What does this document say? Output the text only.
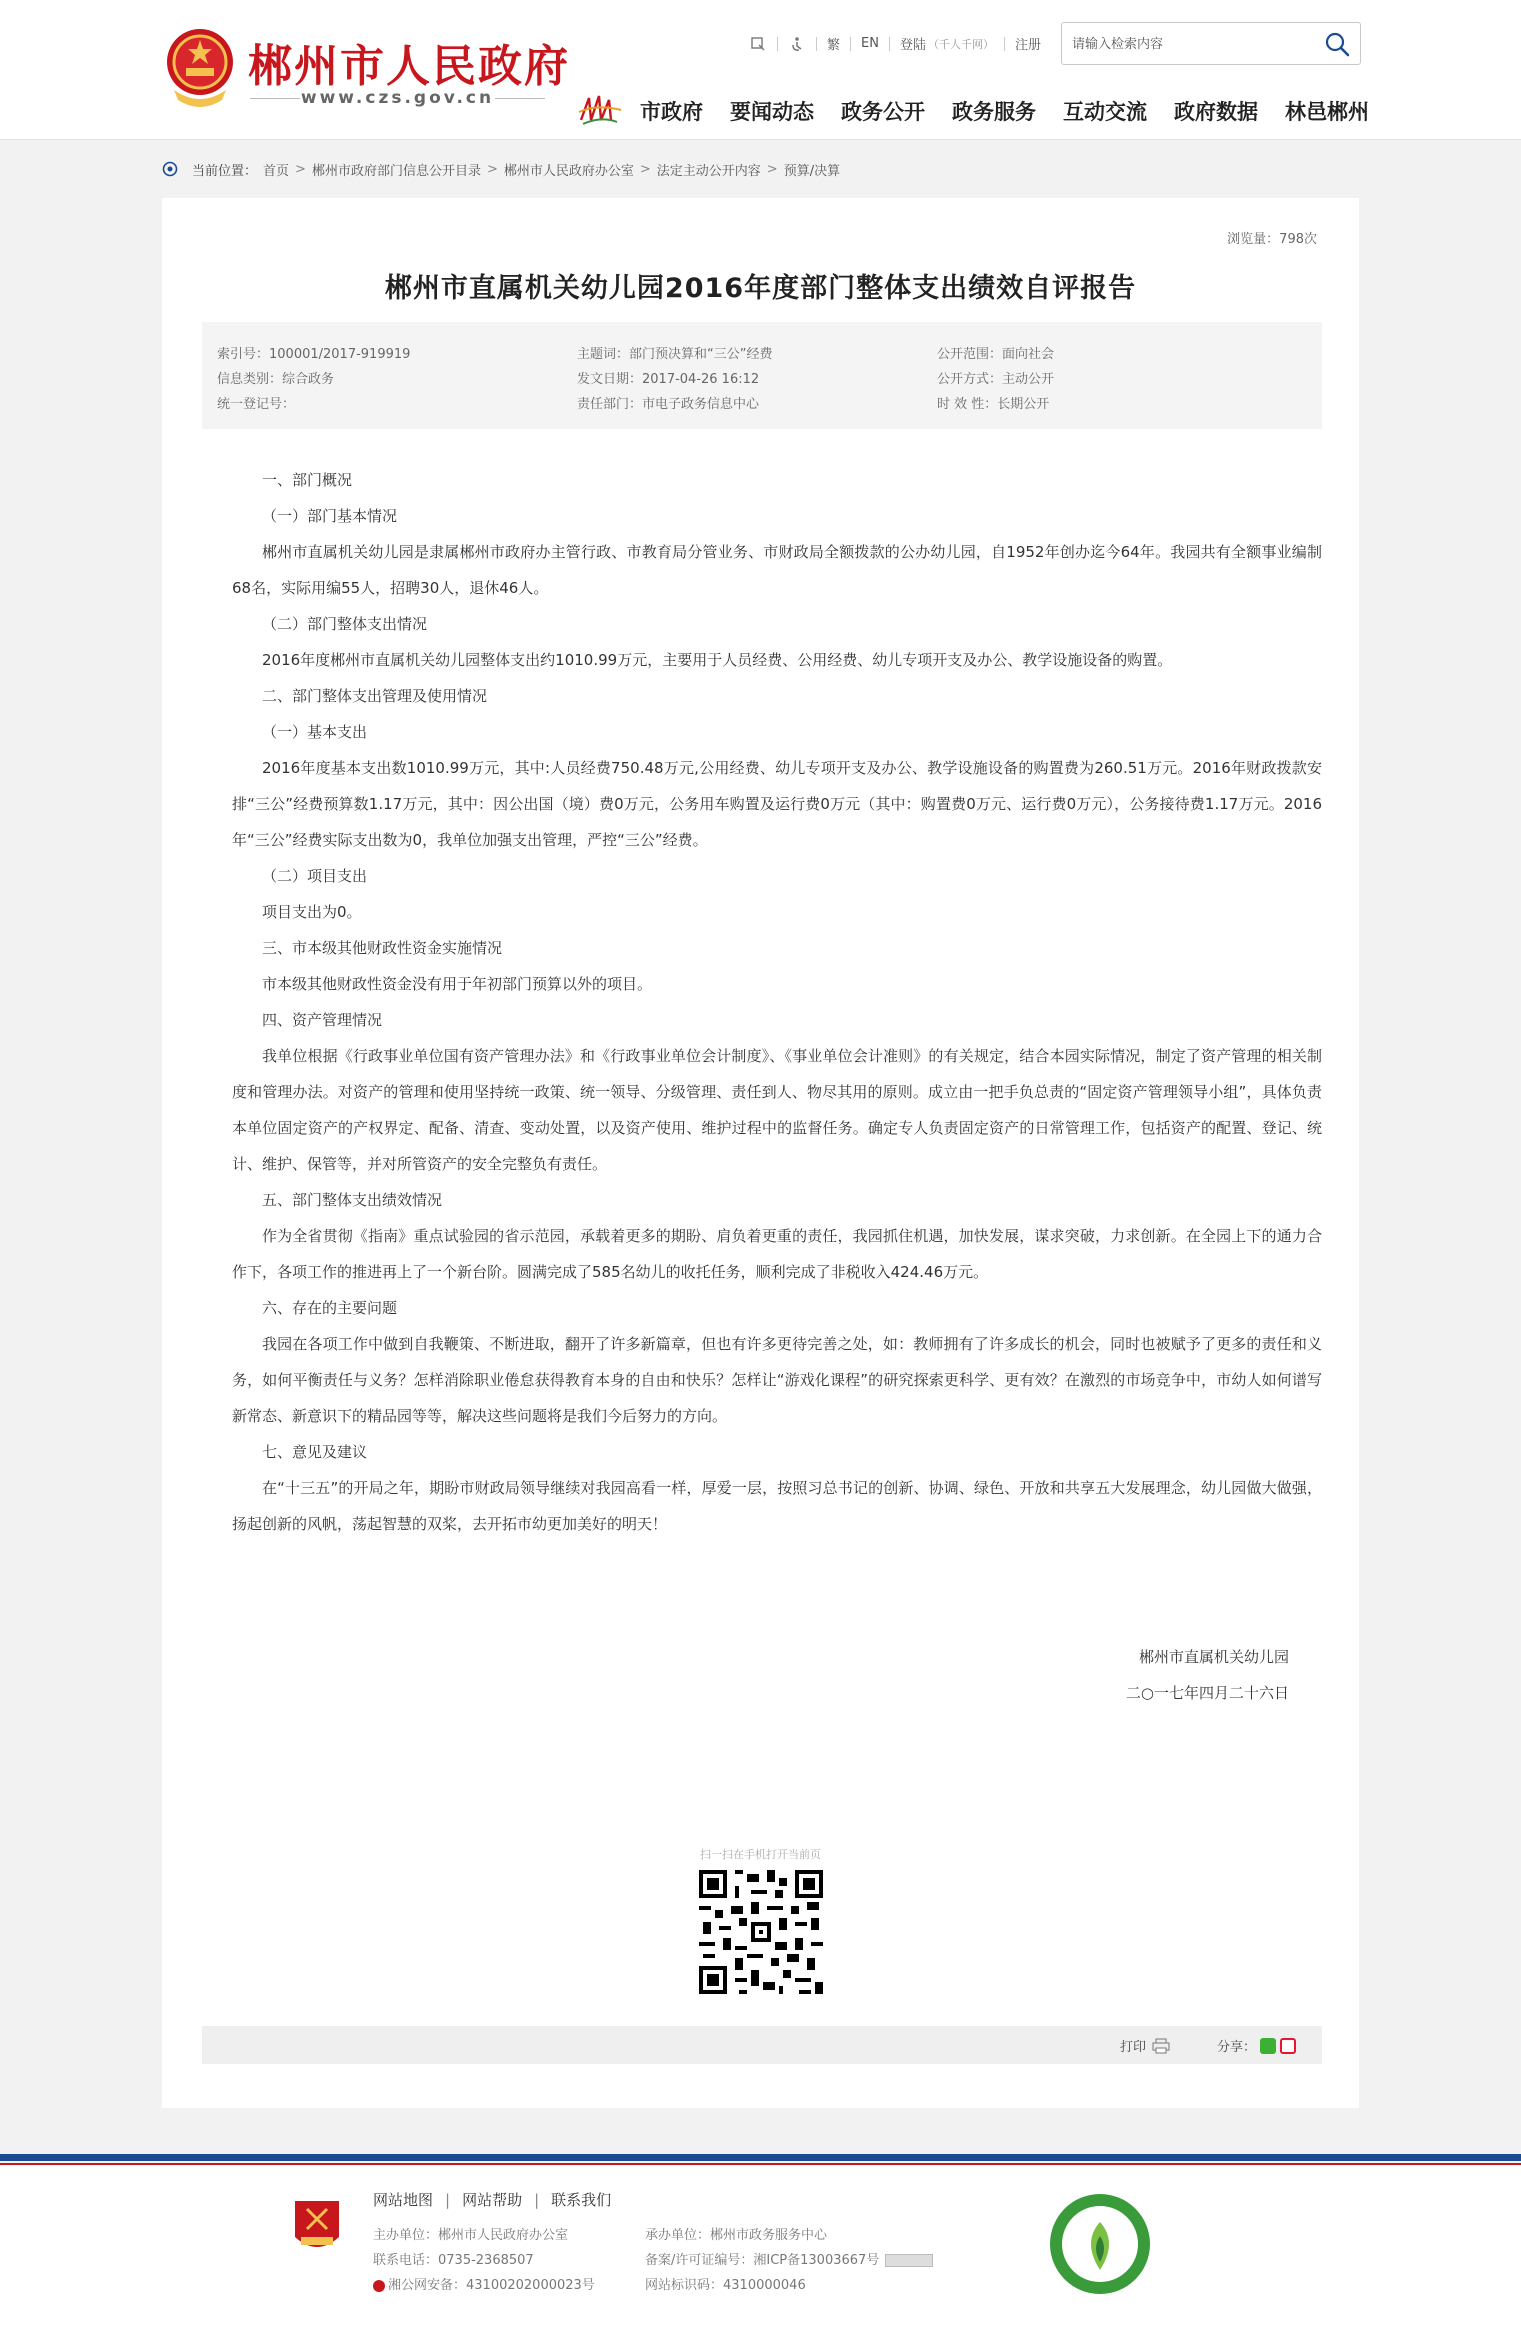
郴州市人民政府
www.czs.gov.cn
繁 EN 登陆 （千人千网） 注册
请输入检索内容
市政府 要闻动态 政务公开 政务服务 互动交流 政府数据 林邑郴州
当前位置： 首页 > 郴州市政府部门信息公开目录 > 郴州市人民政府办公室 > 法定主动公开内容 > 预算/决算
浏览量：798次
郴州市直属机关幼儿园2016年度部门整体支出绩效自评报告
索引号：100001/2017-919919	主题词：部门预决算和“三公”经费	公开范围：面向社会
信息类别：综合政务	发文日期：2017-04-26 16:12	公开方式：主动公开
统一登记号：	责任部门：市电子政务信息中心	时 效 性：长期公开

一、部门概况

（一）部门基本情况

郴州市直属机关幼儿园是隶属郴州市政府办主管行政、市教育局分管业务、市财政局全额拨款的公办幼儿园，自1952年创办迄今64年。我园共有全额事业编制68名，实际用编55人，招聘30人，退休46人。

（二）部门整体支出情况

2016年度郴州市直属机关幼儿园整体支出约1010.99万元，主要用于人员经费、公用经费、幼儿专项开支及办公、教学设施设备的购置。

二、部门整体支出管理及使用情况

（一）基本支出

2016年度基本支出数1010.99万元，其中:人员经费750.48万元,公用经费、幼儿专项开支及办公、教学设施设备的购置费为260.51万元。2016年财政拨款安排“三公”经费预算数1.17万元，其中：因公出国（境）费0万元，公务用车购置及运行费0万元（其中：购置费0万元、运行费0万元），公务接待费1.17万元。2016年“三公”经费实际支出数为0，我单位加强支出管理，严控“三公”经费。

（二）项目支出

项目支出为0。

三、市本级其他财政性资金实施情况

市本级其他财政性资金没有用于年初部门预算以外的项目。

四、资产管理情况

我单位根据《行政事业单位国有资产管理办法》和《行政事业单位会计制度》、《事业单位会计准则》的有关规定，结合本园实际情况，制定了资产管理的相关制度和管理办法。对资产的管理和使用坚持统一政策、统一领导、分级管理、责任到人、物尽其用的原则。成立由一把手负总责的“固定资产管理领导小组”，具体负责本单位固定资产的产权界定、配备、清查、变动处置，以及资产使用、维护过程中的监督任务。确定专人负责固定资产的日常管理工作，包括资产的配置、登记、统计、维护、保管等，并对所管资产的安全完整负有责任。

五、部门整体支出绩效情况

作为全省贯彻《指南》重点试验园的省示范园，承载着更多的期盼、肩负着更重的责任，我园抓住机遇，加快发展，谋求突破，力求创新。在全园上下的通力合作下，各项工作的推进再上了一个新台阶。圆满完成了585名幼儿的收托任务，顺利完成了非税收入424.46万元。

六、存在的主要问题

我园在各项工作中做到自我鞭策、不断进取，翻开了许多新篇章，但也有许多更待完善之处，如：教师拥有了许多成长的机会，同时也被赋予了更多的责任和义务，如何平衡责任与义务？怎样消除职业倦怠获得教育本身的自由和快乐？怎样让“游戏化课程”的研究探索更科学、更有效？在激烈的市场竞争中，市幼人如何谱写新常态、新意识下的精品园等等，解决这些问题将是我们今后努力的方向。

七、意见及建议

在“十三五”的开局之年，期盼市财政局领导继续对我园高看一样，厚爱一层，按照习总书记的创新、协调、绿色、开放和共享五大发展理念，幼儿园做大做强，扬起创新的风帆，荡起智慧的双桨，去开拓市幼更加美好的明天！

郴州市直属机关幼儿园
二○一七年四月二十六日
扫一扫在手机打开当前页
打印	分享：
网站地图 | 网站帮助 | 联系我们
主办单位：郴州市人民政府办公室
联系电话：0735-2368507
湘公网安备：43100202000023号
承办单位：郴州市政务服务中心
备案/许可证编号：湘ICP备13003667号
网站标识码：4310000046
